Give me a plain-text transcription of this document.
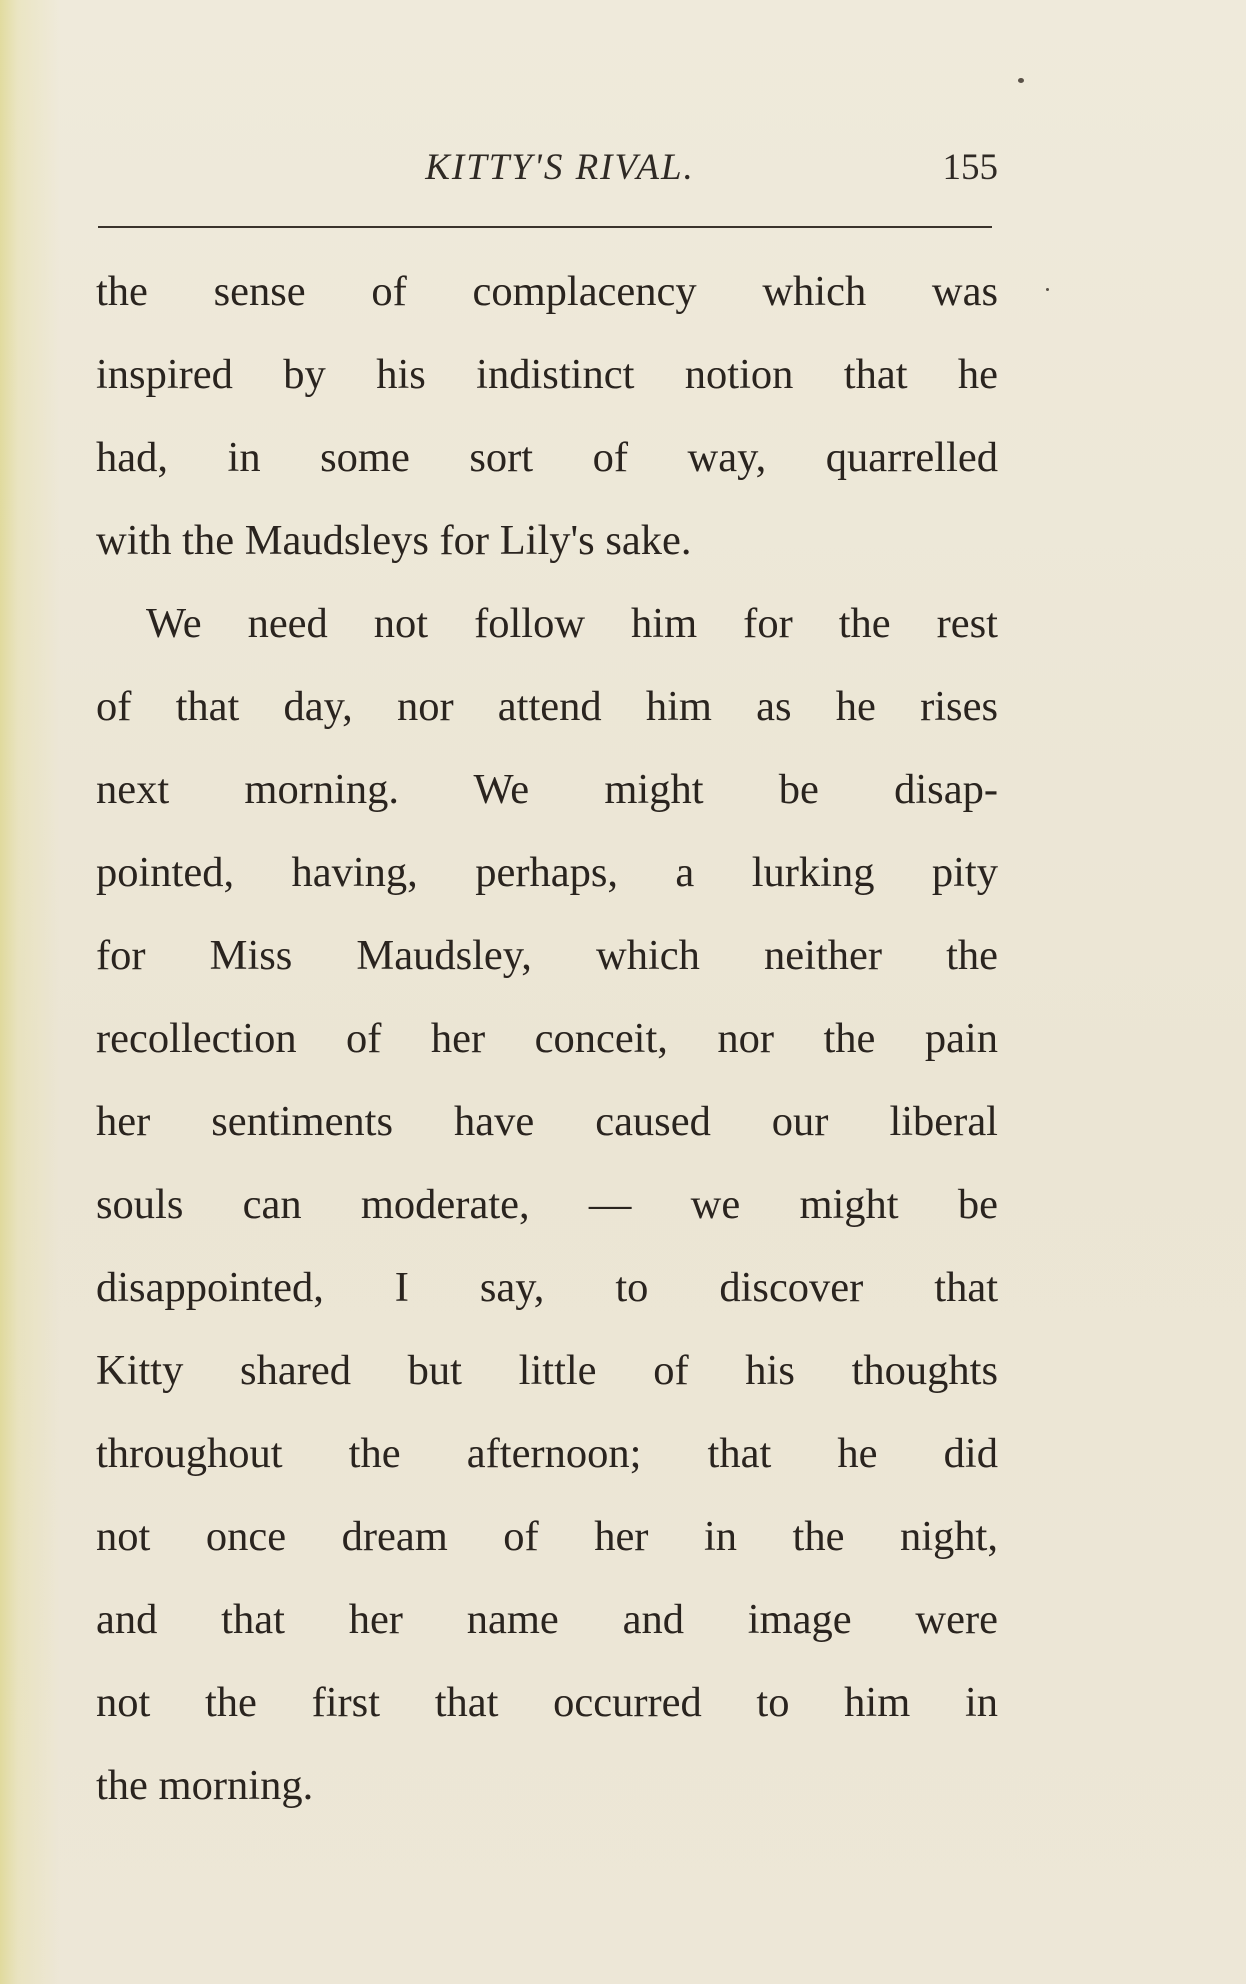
KITTY'S RIVAL.	155
the sense of complacency which was
inspired by his indistinct notion that he
had, in some sort of way, quarrelled
with the Maudsleys for Lily's sake.
We need not follow him for the rest
of that day, nor attend him as he rises
next morning. We might be disap-
pointed, having, perhaps, a lurking pity
for Miss Maudsley, which neither the
recollection of her conceit, nor the pain
her sentiments have caused our liberal
souls can moderate, — we might be
disappointed, I say, to discover that
Kitty shared but little of his thoughts
throughout the afternoon; that he did
not once dream of her in the night,
and that her name and image were
not the first that occurred to him in
the morning.
